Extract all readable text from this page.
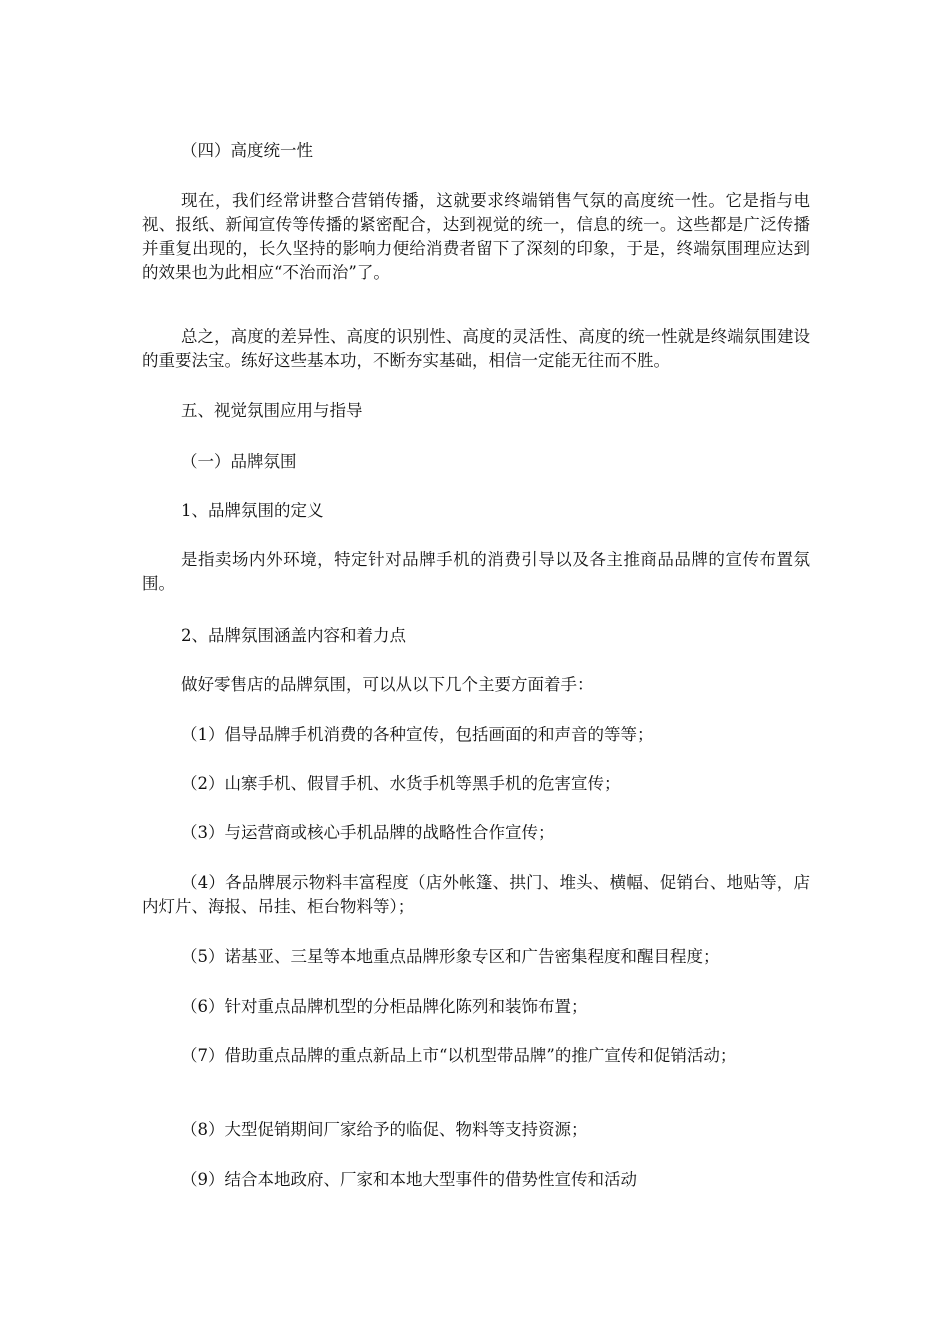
（四）高度统一性

现在，我们经常讲整合营销传播，这就要求终端销售气氛的高度统一性。它是指与电视、报纸、新闻宣传等传播的紧密配合，达到视觉的统一，信息的统一。这些都是广泛传播并重复出现的，长久坚持的影响力便给消费者留下了深刻的印象，于是，终端氛围理应达到的效果也为此相应“不治而治”了。

总之，高度的差异性、高度的识别性、高度的灵活性、高度的统一性就是终端氛围建设的重要法宝。练好这些基本功，不断夯实基础，相信一定能无往而不胜。

五、视觉氛围应用与指导

（一）品牌氛围

1、品牌氛围的定义

是指卖场内外环境，特定针对品牌手机的消费引导以及各主推商品品牌的宣传布置氛围。

2、品牌氛围涵盖内容和着力点

做好零售店的品牌氛围，可以从以下几个主要方面着手：

（1）倡导品牌手机消费的各种宣传，包括画面的和声音的等等；

（2）山寨手机、假冒手机、水货手机等黑手机的危害宣传；

（3）与运营商或核心手机品牌的战略性合作宣传；

（4）各品牌展示物料丰富程度（店外帐篷、拱门、堆头、横幅、促销台、地贴等，店内灯片、海报、吊挂、柜台物料等）；

（5）诺基亚、三星等本地重点品牌形象专区和广告密集程度和醒目程度；

（6）针对重点品牌机型的分柜品牌化陈列和装饰布置；

（7）借助重点品牌的重点新品上市“以机型带品牌”的推广宣传和促销活动；

（8）大型促销期间厂家给予的临促、物料等支持资源；

（9）结合本地政府、厂家和本地大型事件的借势性宣传和活动
